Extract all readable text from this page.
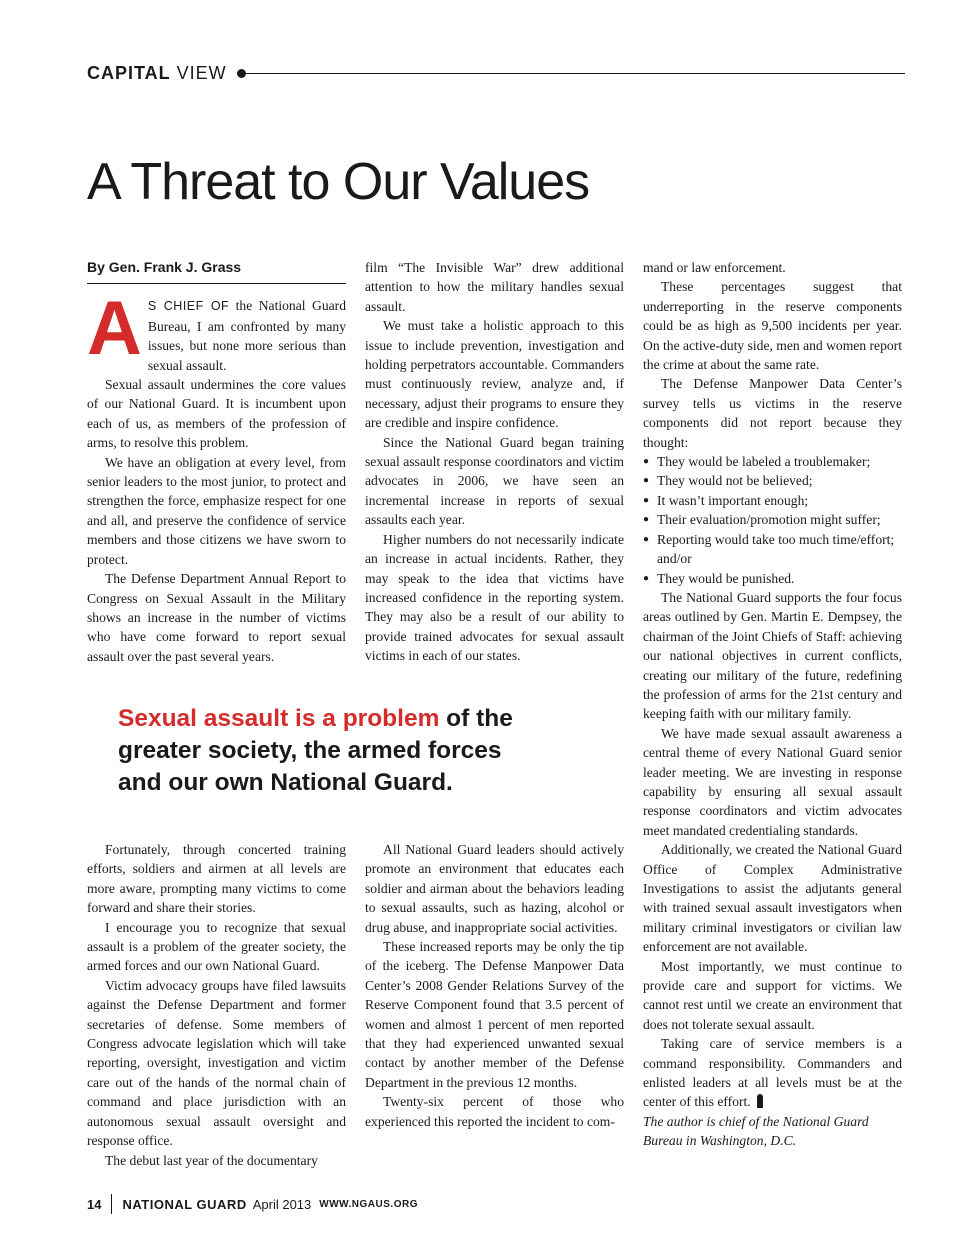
CAPITAL VIEW
A Threat to Our Values
By Gen. Frank J. Grass

A S CHIEF OF the National Guard Bureau, I am confronted by many issues, but none more serious than sexual assault.

Sexual assault undermines the core values of our National Guard. It is incumbent upon each of us, as members of the profession of arms, to resolve this problem.

We have an obligation at every level, from senior leaders to the most junior, to protect and strengthen the force, emphasize respect for one and all, and preserve the confidence of service members and those citizens we have sworn to protect.

The Defense Department Annual Report to Congress on Sexual Assault in the Military shows an increase in the number of victims who have come forward to report sexual assault over the past several years.

film “The Invisible War” drew additional attention to how the military handles sexual assault.

We must take a holistic approach to this issue to include prevention, investigation and holding perpetrators accountable. Commanders must continuously review, analyze and, if necessary, adjust their programs to ensure they are credible and inspire confidence.

Since the National Guard began training sexual assault response coordinators and victim advocates in 2006, we have seen an incremental increase in reports of sexual assaults each year.

Higher numbers do not necessarily indicate an increase in actual incidents. Rather, they may speak to the idea that victims have increased confidence in the reporting system. They may also be a result of our ability to provide trained advocates for sexual assault victims in each of our states.

Sexual assault is a problem of the greater society, the armed forces and our own National Guard.

Fortunately, through concerted training efforts, soldiers and airmen at all levels are more aware, prompting many victims to come forward and share their stories.

I encourage you to recognize that sexual assault is a problem of the greater society, the armed forces and our own National Guard.

Victim advocacy groups have filed lawsuits against the Defense Department and former secretaries of defense. Some members of Congress advocate legislation which will take reporting, oversight, investigation and victim care out of the hands of the normal chain of command and place jurisdiction with an autonomous sexual assault oversight and response office.

The debut last year of the documentary

All National Guard leaders should actively promote an environment that educates each soldier and airman about the behaviors leading to sexual assaults, such as hazing, alcohol or drug abuse, and inappropriate social activities.

These increased reports may be only the tip of the iceberg. The Defense Manpower Data Center’s 2008 Gender Relations Survey of the Reserve Component found that 3.5 percent of women and almost 1 percent of men reported that they had experienced unwanted sexual contact by another member of the Defense Department in the previous 12 months.

Twenty-six percent of those who experienced this reported the incident to com-

mand or law enforcement.

These percentages suggest that underreporting in the reserve components could be as high as 9,500 incidents per year. On the active-duty side, men and women report the crime at about the same rate.

The Defense Manpower Data Center’s survey tells us victims in the reserve components did not report because they thought:

● They would be labeled a troublemaker;
● They would not be believed;
● It wasn’t important enough;
● Their evaluation/promotion might suffer;
● Reporting would take too much time/effort; and/or
● They would be punished.

The National Guard supports the four focus areas outlined by Gen. Martin E. Dempsey, the chairman of the Joint Chiefs of Staff: achieving our national objectives in current conflicts, creating our military of the future, redefining the profession of arms for the 21st century and keeping faith with our military family.

We have made sexual assault awareness a central theme of every National Guard senior leader meeting. We are investing in response capability by ensuring all sexual assault response coordinators and victim advocates meet mandated credentialing standards.

Additionally, we created the National Guard Office of Complex Administrative Investigations to assist the adjutants general with trained sexual assault investigators when military criminal investigators or civilian law enforcement are not available.

Most importantly, we must continue to provide care and support for victims. We cannot rest until we create an environment that does not tolerate sexual assault.

Taking care of service members is a command responsibility. Commanders and enlisted leaders at all levels must be at the center of this effort.

The author is chief of the National Guard Bureau in Washington, D.C.

14 NATIONAL GUARD April 2013 WWW.NGAUS.ORG
